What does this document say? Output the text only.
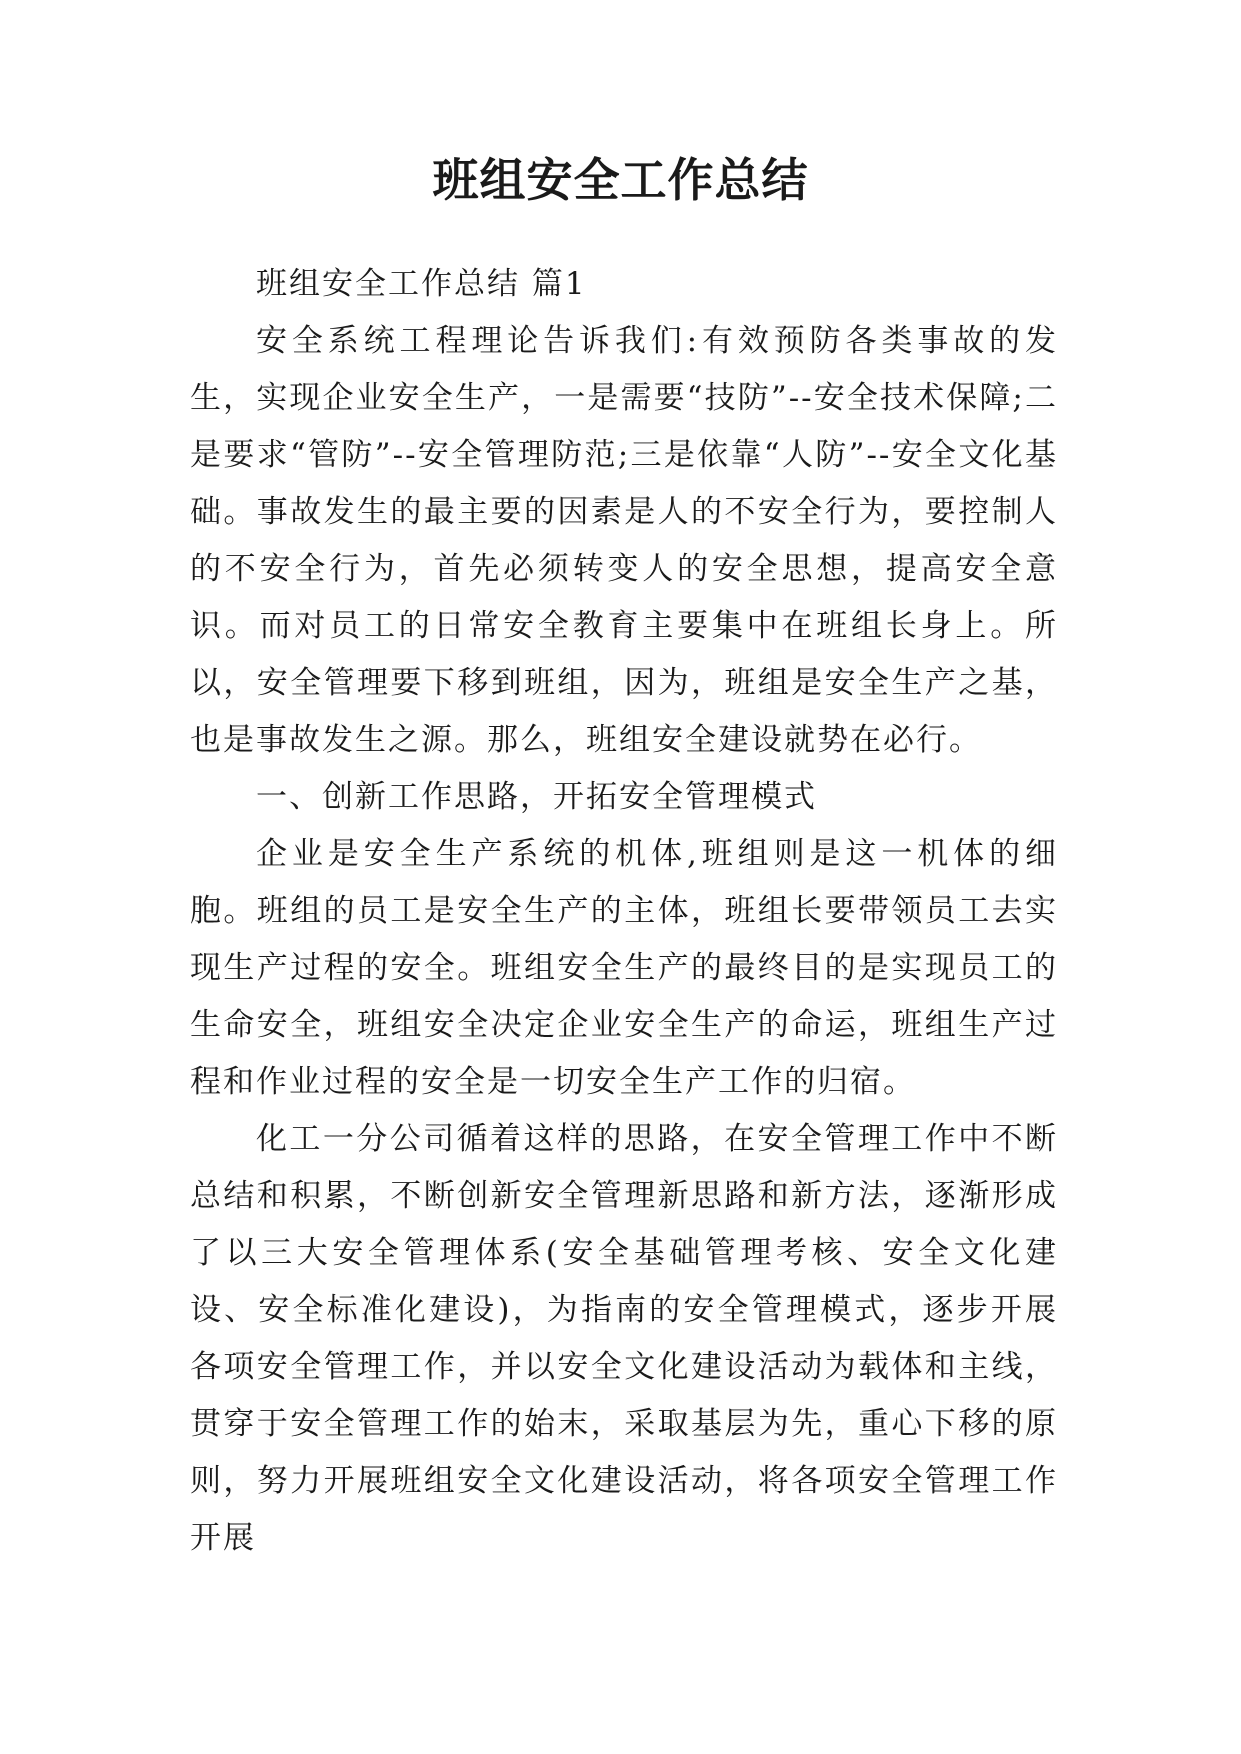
班组安全工作总结

班组安全工作总结 篇1

安全系统工程理论告诉我们:有效预防各类事故的发生，实现企业安全生产，一是需要“技防”--安全技术保障;二是要求“管防”--安全管理防范;三是依靠“人防”--安全文化基础。事故发生的最主要的因素是人的不安全行为，要控制人的不安全行为，首先必须转变人的安全思想，提高安全意识。而对员工的日常安全教育主要集中在班组长身上。所以，安全管理要下移到班组，因为，班组是安全生产之基，也是事故发生之源。那么，班组安全建设就势在必行。

一、创新工作思路，开拓安全管理模式

企业是安全生产系统的机体,班组则是这一机体的细胞。班组的员工是安全生产的主体，班组长要带领员工去实现生产过程的安全。班组安全生产的最终目的是实现员工的生命安全，班组安全决定企业安全生产的命运，班组生产过程和作业过程的安全是一切安全生产工作的归宿。

化工一分公司循着这样的思路，在安全管理工作中不断总结和积累，不断创新安全管理新思路和新方法，逐渐形成了以三大安全管理体系(安全基础管理考核、安全文化建设、安全标准化建设)，为指南的安全管理模式，逐步开展各项安全管理工作，并以安全文化建设活动为载体和主线，贯穿于安全管理工作的始末，采取基层为先，重心下移的原则，努力开展班组安全文化建设活动，将各项安全管理工作开展
